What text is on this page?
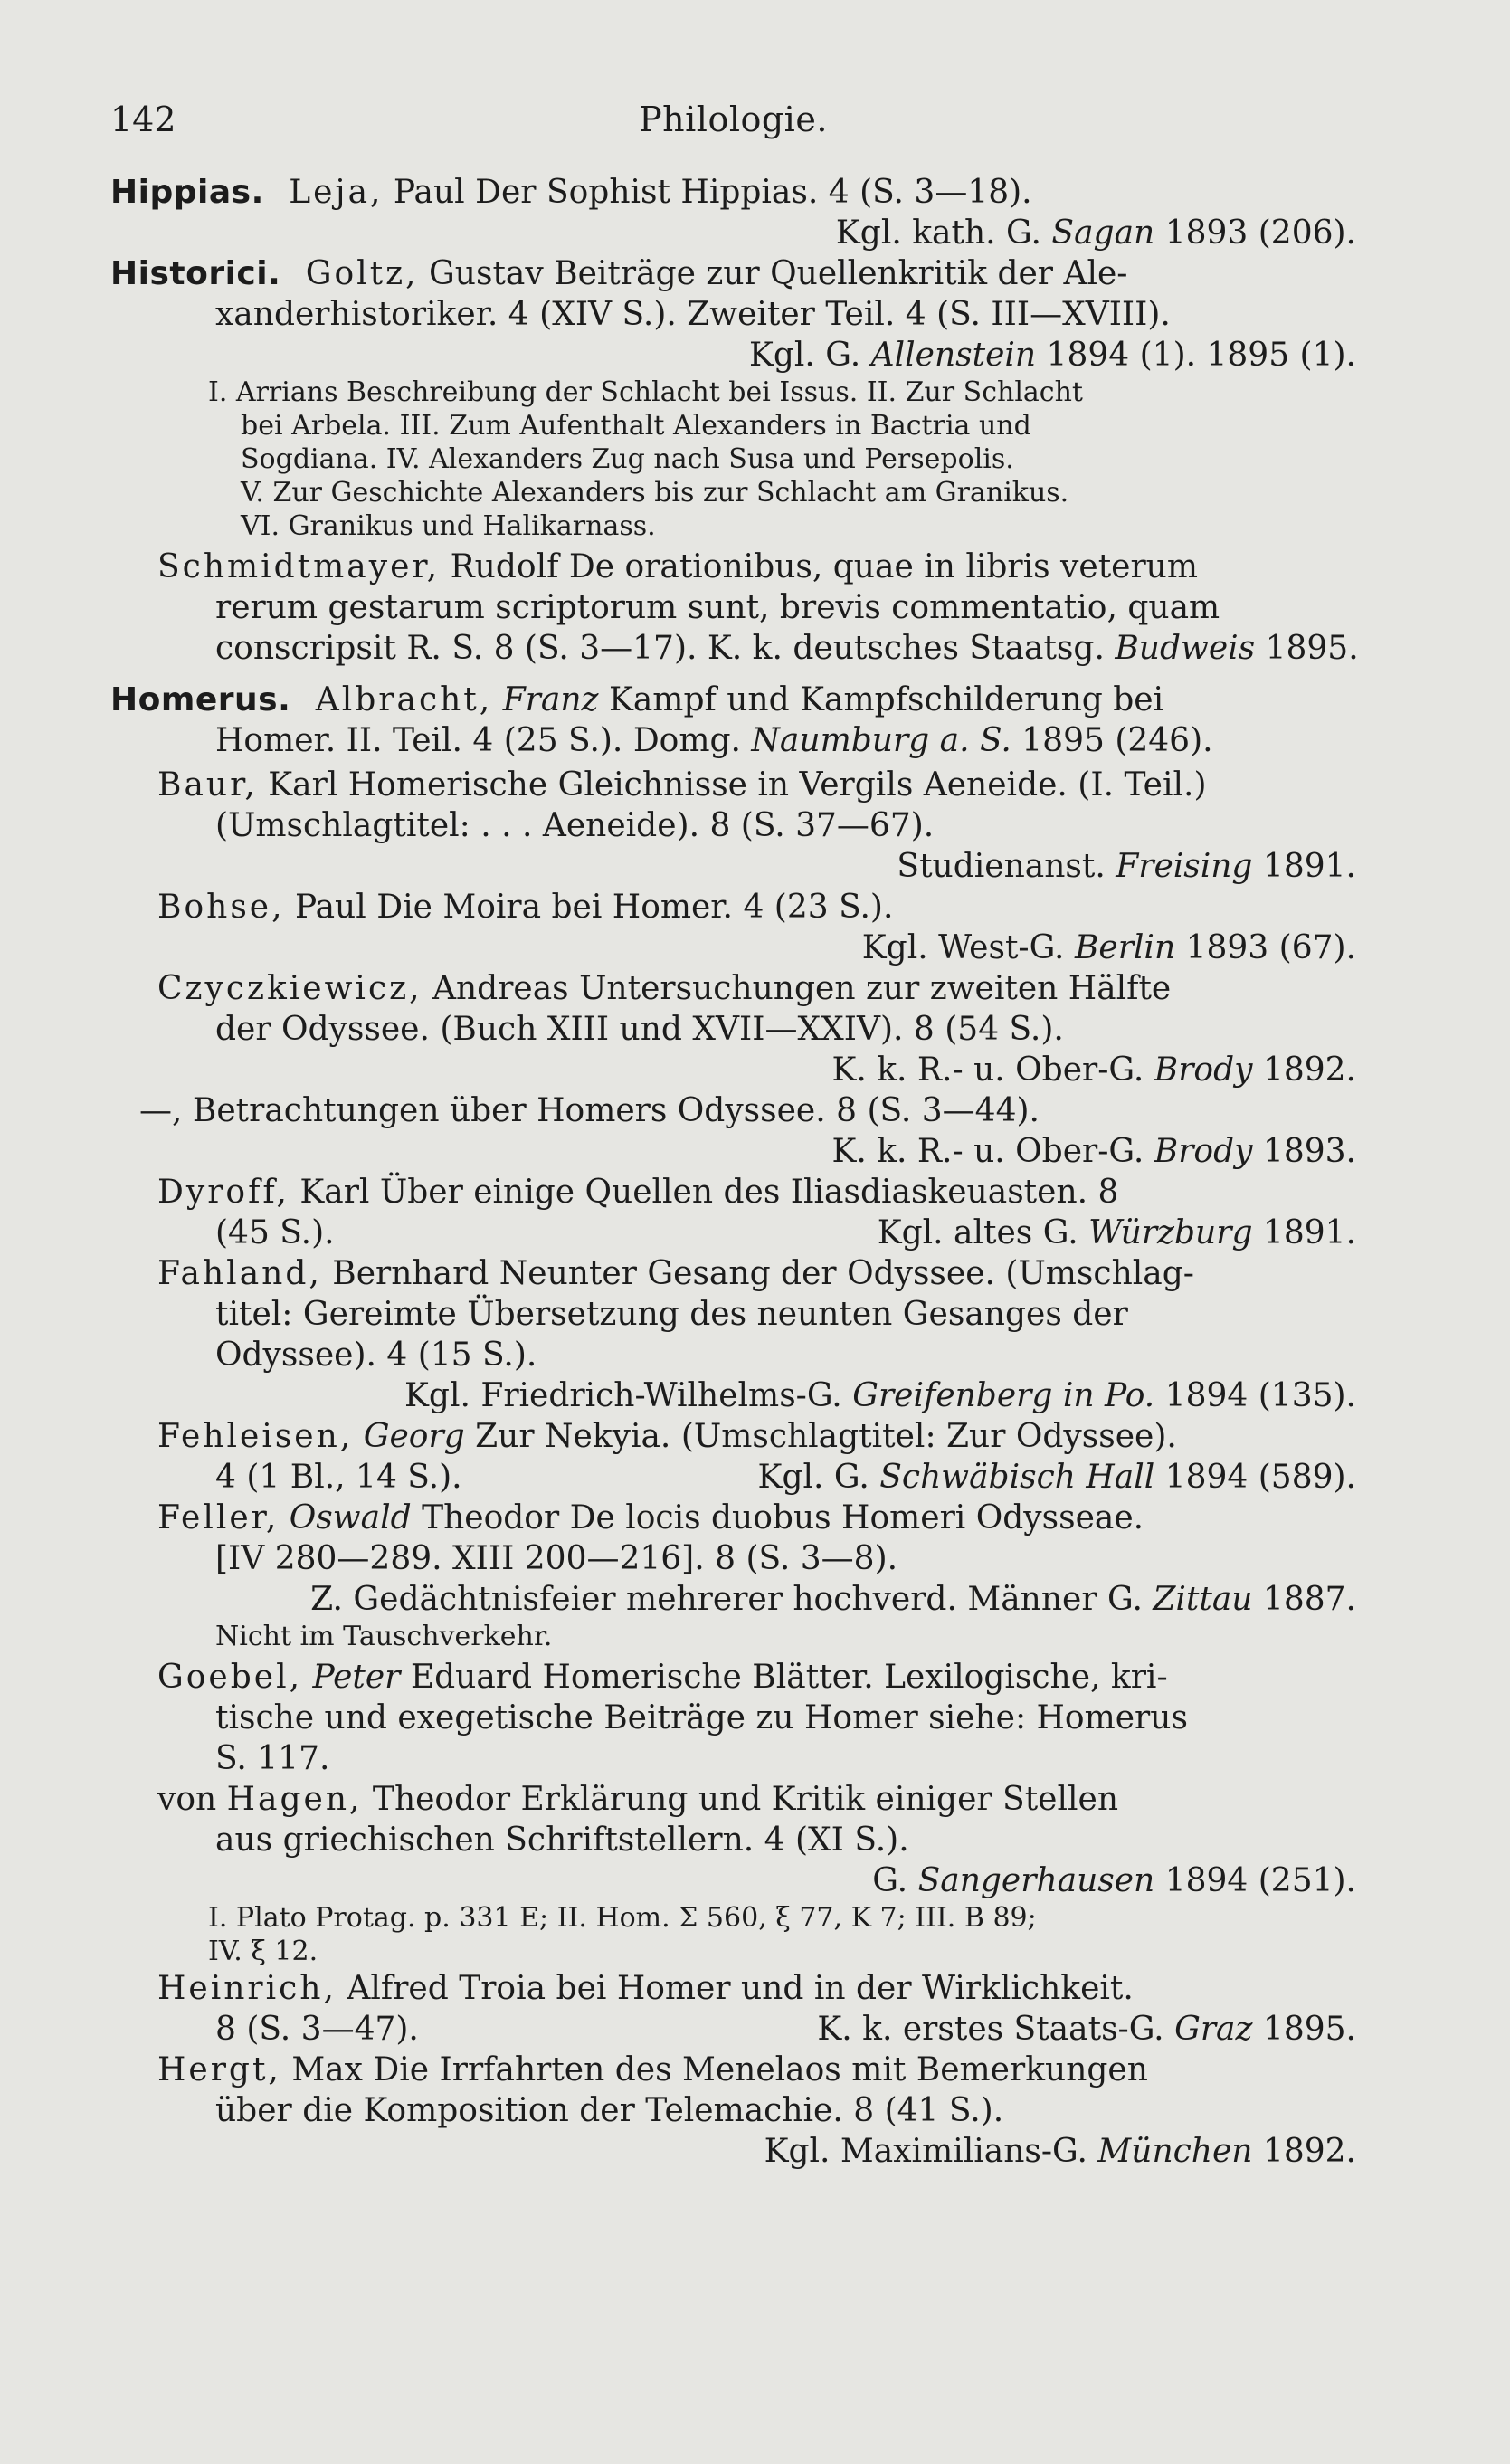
142	Philologie.
Hippias. Leja, Paul Der Sophist Hippias. 4 (S. 3—18).
Kgl. kath. G. Sagan 1893 (206).
Historici. Goltz, Gustav Beiträge zur Quellenkritik der Ale-
xanderhistoriker. 4 (XIV S.). Zweiter Teil. 4 (S. III—XVIII).
Kgl. G. Allenstein 1894 (1). 1895 (1).
I. Arrians Beschreibung der Schlacht bei Issus. II. Zur Schlacht
bei Arbela. III. Zum Aufenthalt Alexanders in Bactria und
Sogdiana. IV. Alexanders Zug nach Susa und Persepolis.
V. Zur Geschichte Alexanders bis zur Schlacht am Granikus.
VI. Granikus und Halikarnass.
Schmidtmayer, Rudolf De orationibus, quae in libris veterum
rerum gestarum scriptorum sunt, brevis commentatio, quam
conscripsit R. S. 8 (S. 3—17). K. k. deutsches Staatsg. Budweis 1895.
Homerus. Albracht, Franz Kampf und Kampfschilderung bei
Homer. II. Teil. 4 (25 S.). Domg. Naumburg a. S. 1895 (246).
Baur, Karl Homerische Gleichnisse in Vergils Aeneide. (I. Teil.)
(Umschlagtitel: . . . Aeneide). 8 (S. 37—67).
Studienanst. Freising 1891.
Bohse, Paul Die Moira bei Homer. 4 (23 S.).
Kgl. West-G. Berlin 1893 (67).
Czyczkiewicz, Andreas Untersuchungen zur zweiten Hälfte
der Odyssee. (Buch XIII und XVII—XXIV). 8 (54 S.).
K. k. R.- u. Ober-G. Brody 1892.
—, Betrachtungen über Homers Odyssee. 8 (S. 3—44).
K. k. R.- u. Ober-G. Brody 1893.
Dyroff, Karl Über einige Quellen des Iliasdiaskeuasten. 8
(45 S.).	Kgl. altes G. Würzburg 1891.
Fahland, Bernhard Neunter Gesang der Odyssee. (Umschlag-
titel: Gereimte Übersetzung des neunten Gesanges der
Odyssee). 4 (15 S.).
Kgl. Friedrich-Wilhelms-G. Greifenberg in Po. 1894 (135).
Fehleisen, Georg Zur Nekyia. (Umschlagtitel: Zur Odyssee).
4 (1 Bl., 14 S.).	Kgl. G. Schwäbisch Hall 1894 (589).
Feller, Oswald Theodor De locis duobus Homeri Odysseae.
[IV 280—289. XIII 200—216]. 8 (S. 3—8).
Z. Gedächtnisfeier mehrerer hochverd. Männer G. Zittau 1887.
Nicht im Tauschverkehr.
Goebel, Peter Eduard Homerische Blätter. Lexilogische, kri-
tische und exegetische Beiträge zu Homer siehe: Homerus
S. 117.
von Hagen, Theodor Erklärung und Kritik einiger Stellen
aus griechischen Schriftstellern. 4 (XI S.).
G. Sangerhausen 1894 (251).
I. Plato Protag. p. 331 E; II. Hom. Σ 560, ξ 77, Κ 7; III. B 89;
IV. ξ 12.
Heinrich, Alfred Troia bei Homer und in der Wirklichkeit.
8 (S. 3—47).	K. k. erstes Staats-G. Graz 1895.
Hergt, Max Die Irrfahrten des Menelaos mit Bemerkungen
über die Komposition der Telemachie. 8 (41 S.).
Kgl. Maximilians-G. München 1892.
